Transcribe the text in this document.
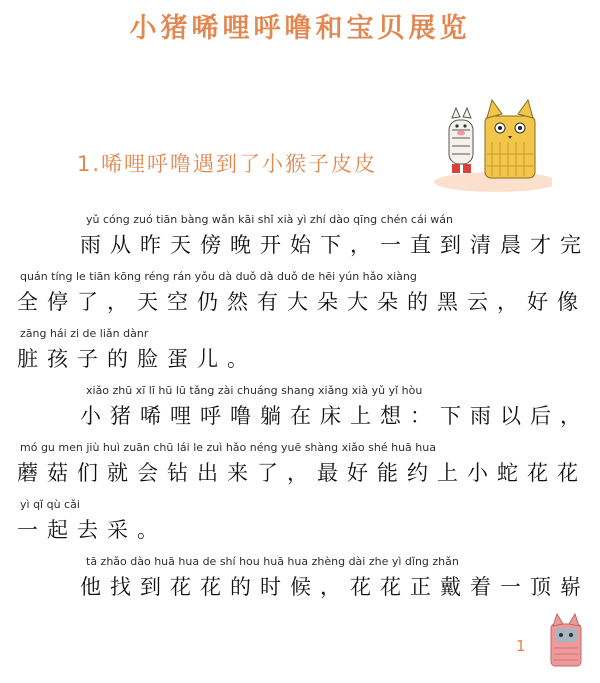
小猪唏哩呼噜和宝贝展览
1.唏哩呼噜遇到了小猴子皮皮
yǔ cóng zuó tiān bàng wǎn kāi shǐ xià yì zhí dào qīng chén cái wán
雨从昨天傍晚开始下，一直到清晨才完
quán tíng le tiān kōng réng rán yǒu dà duǒ dà duǒ de hēi yún hǎo xiàng
全停了，天空仍然有大朵大朵的黑云，好像
zāng hái zi de liǎn dànr
脏孩子的脸蛋儿。
xiǎo zhū xī lī hū lū tǎng zài chuáng shang xiǎng xià yǔ yǐ hòu
小猪唏哩呼噜躺在床上想：下雨以后，
mó gu men jiù huì zuān chū lái le zuì hǎo néng yuē shàng xiǎo shé huā hua
蘑菇们就会钻出来了，最好能约上小蛇花花
yì qǐ qù cǎi
一起去采。
tā zhǎo dào huā hua de shí hou huā hua zhèng dài zhe yì dǐng zhǎn
他找到花花的时候，花花正戴着一顶崭
1
